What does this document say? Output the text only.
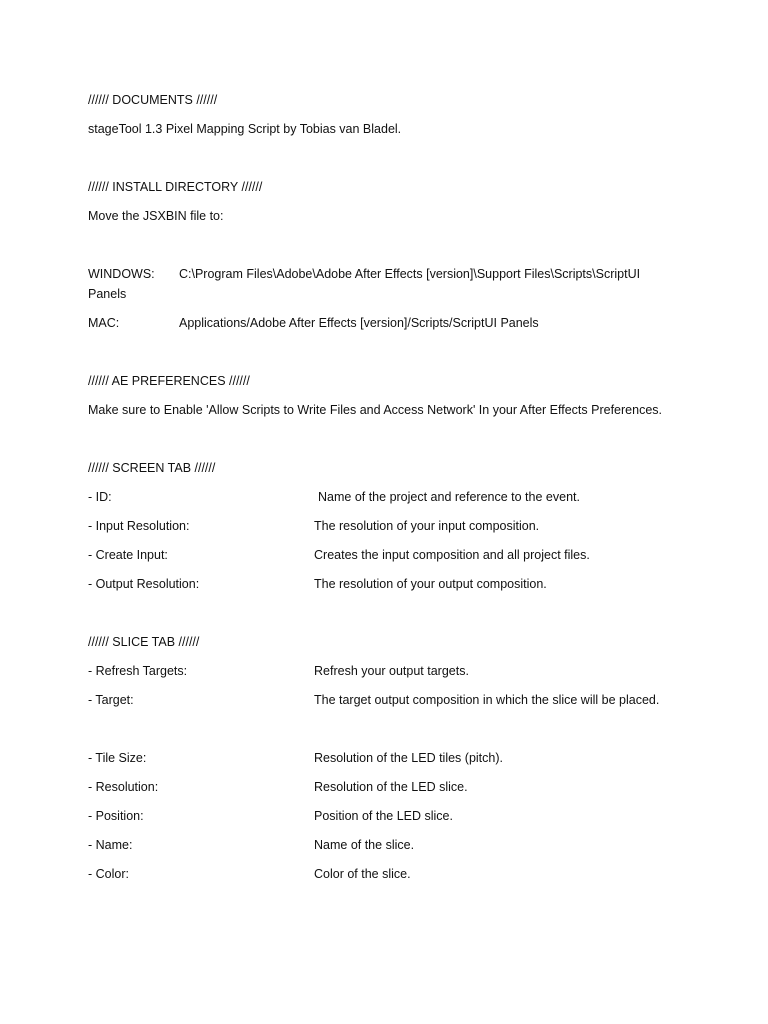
////// DOCUMENTS //////
stageTool 1.3 Pixel Mapping Script by Tobias van Bladel.
////// INSTALL DIRECTORY //////
Move the JSXBIN file to:
WINDOWS: C:\Program Files\Adobe\Adobe After Effects [version]\Support Files\Scripts\ScriptUI
Panels
MAC:	Applications/Adobe After Effects [version]/Scripts/ScriptUI Panels
////// AE PREFERENCES //////
Make sure to Enable 'Allow Scripts to Write Files and Access Network' In your After Effects Preferences.
////// SCREEN TAB //////
- ID:	Name of the project and reference to the event.
- Input Resolution:	The resolution of your input composition.
- Create Input:	Creates the input composition and all project files.
- Output Resolution:	The resolution of your output composition.
////// SLICE TAB //////
- Refresh Targets:	Refresh your output targets.
- Target:	The target output composition in which the slice will be placed.
- Tile Size:	Resolution of the LED tiles (pitch).
- Resolution:	Resolution of the LED slice.
- Position:	Position of the LED slice.
- Name:	Name of the slice.
- Color:	Color of the slice.
